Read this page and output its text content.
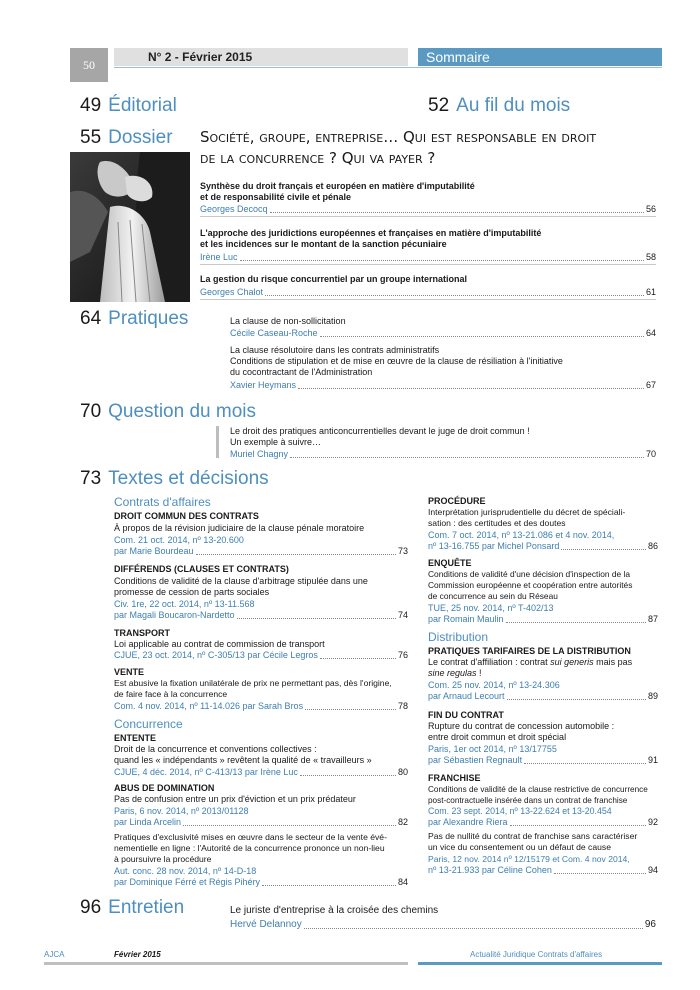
50
N° 2 - Février 2015	Sommaire
49 Éditorial	52 Au fil du mois
55 Dossier Société, groupe, entreprise… Qui est responsable en droit
de la concurrence ? Qui va payer ?
Synthèse du droit français et européen en matière d'imputabilité
et de responsabilité civile et pénale
Georges Decocq	56
L'approche des juridictions européennes et françaises en matière d'imputabilité
et les incidences sur le montant de la sanction pécuniaire
Irène Luc	58
La gestion du risque concurrentiel par un groupe international
Georges Chalot	61
64 Pratiques	La clause de non-sollicitation
Cécile Caseau-Roche	64
La clause résolutoire dans les contrats administratifs
Conditions de stipulation et de mise en œuvre de la clause de résiliation à l'initiative
du cocontractant de l'Administration
Xavier Heymans	67
70 Question du mois
Le droit des pratiques anticoncurrentielles devant le juge de droit commun !
Un exemple à suivre…
Muriel Chagny	70
73 Textes et décisions
Contrats d'affaires
DROIT COMMUN DES CONTRATS
À propos de la révision judiciaire de la clause pénale moratoire
Com. 21 oct. 2014, nº 13-20.600
par Marie Bourdeau	73
DIFFÉRENDS (CLAUSES ET CONTRATS)
Conditions de validité de la clause d'arbitrage stipulée dans une
promesse de cession de parts sociales
Civ. 1re, 22 oct. 2014, nº 13-11.568
par Magali Boucaron-Nardetto	74
TRANSPORT
Loi applicable au contrat de commission de transport
CJUE, 23 oct. 2014, nº C-305/13 par Cécile Legros	76
VENTE
Est abusive la fixation unilatérale de prix ne permettant pas, dès l'origine,
de faire face à la concurrence
Com. 4 nov. 2014, nº 11-14.026 par Sarah Bros	78
Concurrence
ENTENTE
Droit de la concurrence et conventions collectives :
quand les « indépendants » revêtent la qualité de « travailleurs »
CJUE, 4 déc. 2014, nº C-413/13 par Irène Luc	80
ABUS DE DOMINATION
Pas de confusion entre un prix d'éviction et un prix prédateur
Paris, 6 nov. 2014, nº 2013/01128
par Linda Arcelin	82
Pratiques d'exclusivité mises en œuvre dans le secteur de la vente évé-
nementielle en ligne : l'Autorité de la concurrence prononce un non-lieu
à poursuivre la procédure
Aut. conc. 28 nov. 2014, nº 14-D-18
par Dominique Férré et Régis Pihéry	84
PROCÉDURE
Interprétation jurisprudentielle du décret de spéciali-
sation : des certitudes et des doutes
Com. 7 oct. 2014, nº 13-21.086 et 4 nov. 2014,
nº 13-16.755 par Michel Ponsard	86
ENQUÊTE
Conditions de validité d'une décision d'inspection de la
Commission européenne et coopération entre autorités
de concurrence au sein du Réseau
TUE, 25 nov. 2014, nº T-402/13
par Romain Maulin	87
Distribution
PRATIQUES TARIFAIRES DE LA DISTRIBUTION
Le contrat d'affiliation : contrat sui generis mais pas
sine regulas !
Com. 25 nov. 2014, nº 13-24.306
par Arnaud Lecourt	89
FIN DU CONTRAT
Rupture du contrat de concession automobile :
entre droit commun et droit spécial
Paris, 1er oct 2014, nº 13/17755
par Sébastien Regnault	91
FRANCHISE
Conditions de validité de la clause restrictive de concurrence
post-contractuelle insérée dans un contrat de franchise
Com. 23 sept. 2014, nº 13-22.624 et 13-20.454
par Alexandre Riera	92
Pas de nullité du contrat de franchise sans caractériser
un vice du consentement ou un défaut de cause
Paris, 12 nov. 2014 nº 12/15179 et Com. 4 nov 2014,
nº 13-21.933 par Céline Cohen	94
96 Entretien	Le juriste d'entreprise à la croisée des chemins
Hervé Delannoy	96
AJCA	Février 2015	Actualité Juridique Contrats d'affaires
